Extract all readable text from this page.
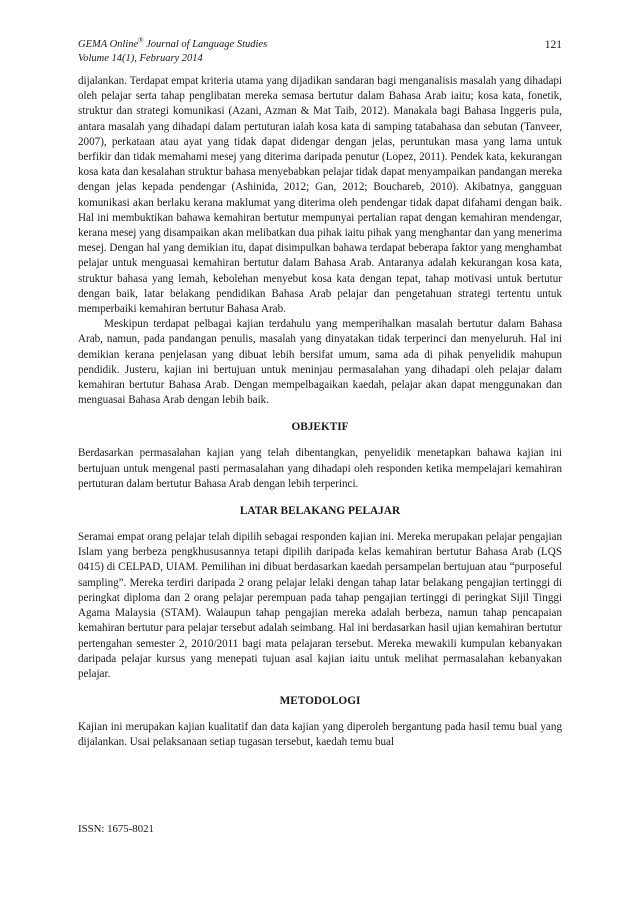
GEMA Online® Journal of Language Studies
Volume 14(1), February 2014
121

dijalankan. Terdapat empat kriteria utama yang dijadikan sandaran bagi menganalisis masalah yang dihadapi oleh pelajar serta tahap penglibatan mereka semasa bertutur dalam Bahasa Arab iaitu; kosa kata, fonetik, struktur dan strategi komunikasi (Azani, Azman & Mat Taib, 2012). Manakala bagi Bahasa Inggeris pula, antara masalah yang dihadapi dalam pertuturan ialah kosa kata di samping tatabahasa dan sebutan (Tanveer, 2007), perkataan atau ayat yang tidak dapat didengar dengan jelas, peruntukan masa yang lama untuk berfikir dan tidak memahami mesej yang diterima daripada penutur (Lopez, 2011). Pendek kata, kekurangan kosa kata dan kesalahan struktur bahasa menyebabkan pelajar tidak dapat menyampaikan pandangan mereka dengan jelas kepada pendengar (Ashinida, 2012; Gan, 2012; Bouchareb, 2010). Akibatnya, gangguan komunikasi akan berlaku kerana maklumat yang diterima oleh pendengar tidak dapat difahami dengan baik. Hal ini membuktikan bahawa kemahiran bertutur mempunyai pertalian rapat dengan kemahiran mendengar, kerana mesej yang disampaikan akan melibatkan dua pihak iaitu pihak yang menghantar dan yang menerima mesej. Dengan hal yang demikian itu, dapat disimpulkan bahawa terdapat beberapa faktor yang menghambat pelajar untuk menguasai kemahiran bertutur dalam Bahasa Arab. Antaranya adalah kekurangan kosa kata, struktur bahasa yang lemah, kebolehan menyebut kosa kata dengan tepat, tahap motivasi untuk bertutur dengan baik, latar belakang pendidikan Bahasa Arab pelajar dan pengetahuan strategi tertentu untuk memperbaiki kemahiran bertutur Bahasa Arab.

Meskipun terdapat pelbagai kajian terdahulu yang memperihalkan masalah bertutur dalam Bahasa Arab, namun, pada pandangan penulis, masalah yang dinyatakan tidak terperinci dan menyeluruh. Hal ini demikian kerana penjelasan yang dibuat lebih bersifat umum, sama ada di pihak penyelidik mahupun pendidik. Justeru, kajian ini bertujuan untuk meninjau permasalahan yang dihadapi oleh pelajar dalam kemahiran bertutur Bahasa Arab. Dengan mempelbagaikan kaedah, pelajar akan dapat menggunakan dan menguasai Bahasa Arab dengan lebih baik.

OBJEKTIF

Berdasarkan permasalahan kajian yang telah dibentangkan, penyelidik menetapkan bahawa kajian ini bertujuan untuk mengenal pasti permasalahan yang dihadapi oleh responden ketika mempelajari kemahiran pertuturan dalam bertutur Bahasa Arab dengan lebih terperinci.

LATAR BELAKANG PELAJAR

Seramai empat orang pelajar telah dipilih sebagai responden kajian ini. Mereka merupakan pelajar pengajian Islam yang berbeza pengkhususannya tetapi dipilih daripada kelas kemahiran bertutur Bahasa Arab (LQS 0415) di CELPAD, UIAM. Pemilihan ini dibuat berdasarkan kaedah persampelan bertujuan atau “purposeful sampling”. Mereka terdiri daripada 2 orang pelajar lelaki dengan tahap latar belakang pengajian tertinggi di peringkat diploma dan 2 orang pelajar perempuan pada tahap pengajian tertinggi di peringkat Sijil Tinggi Agama Malaysia (STAM). Walaupun tahap pengajian mereka adalah berbeza, namun tahap pencapaian kemahiran bertutur para pelajar tersebut adalah seimbang. Hal ini berdasarkan hasil ujian kemahiran bertutur pertengahan semester 2, 2010/2011 bagi mata pelajaran tersebut. Mereka mewakili kumpulan kebanyakan daripada pelajar kursus yang menepati tujuan asal kajian iaitu untuk melihat permasalahan kebanyakan pelajar.

METODOLOGI

Kajian ini merupakan kajian kualitatif dan data kajian yang diperoleh bergantung pada hasil temu bual yang dijalankan. Usai pelaksanaan setiap tugasan tersebut, kaedah temu bual

ISSN: 1675-8021
